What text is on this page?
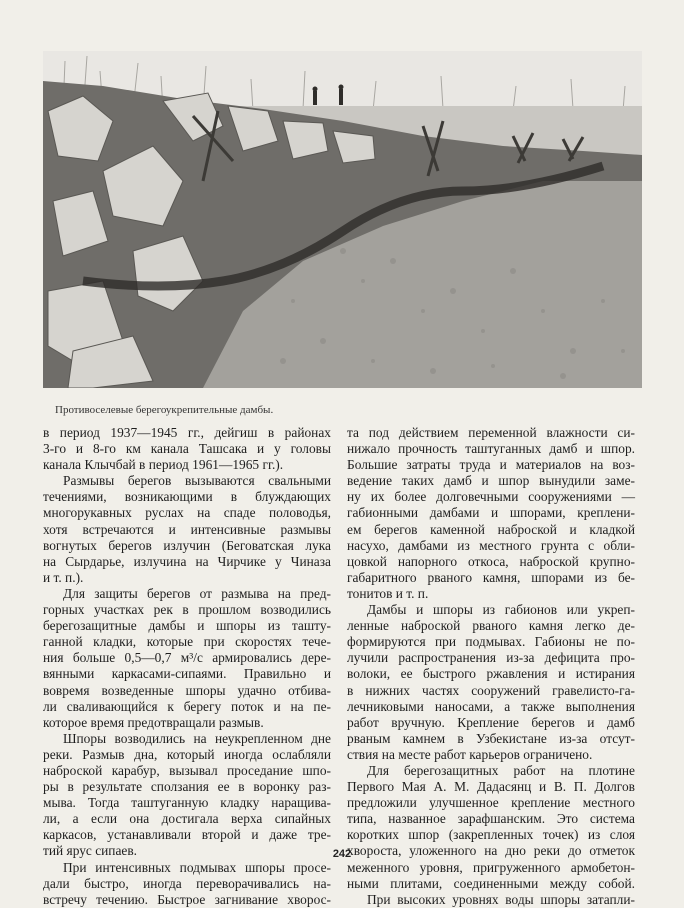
Противоселевые берегоукрепительные дамбы.

в период 1937—1945 гг., дейгиш в районах

3-го и 8-го км канала Ташсака и у головы

канала Клычбай в период 1961—1965 гг.).

Размывы берегов вызываются свальными

течениями, возникающими в блуждающих

многорукавных руслах на спаде половодья,

хотя встречаются и интенсивные размывы

вогнутых берегов излучин (Беговатская лука

на Сырдарье, излучина на Чирчике у Чиназа

и т. п.).

Для защиты берегов от размыва на пред-

горных участках рек в прошлом возводились

берегозащитные дамбы и шпоры из ташту-

ганной кладки, которые при скоростях тече-

ния больше 0,5—0,7 м³/с армировались дере-

вянными каркасами-сипаями. Правильно и

вовремя возведенные шпоры удачно отбива-

ли сваливающийся к берегу поток и на пе-

которое время предотвращали размыв.

Шпоры возводились на неукрепленном дне

реки. Размыв дна, который иногда ослабляли

наброской карабур, вызывал проседание шпо-

ры в результате сползания ее в воронку раз-

мыва. Тогда таштуганную кладку наращива-

ли, а если она достигала верха сипайных

каркасов, устанавливали второй и даже тре-

тий ярус сипаев.

При интенсивных подмывах шпоры просе-

дали быстро, иногда переворачивались на-

встречу течению. Быстрое загнивание хворос-

та под действием переменной влажности си-

нижало прочность таштуганных дамб и шпор.

Большие затраты труда и материалов на воз-

ведение таких дамб и шпор вынудили заме-

ну их более долговечными сооружениями —

габионными дамбами и шпорами, креплени-

ем берегов каменной наброской и кладкой

насухо, дамбами из местного грунта с обли-

цовкой напорного откоса, наброской крупно-

габаритного рваного камня, шпорами из бе-

тонитов и т. п.

Дамбы и шпоры из габионов или укреп-

ленные наброской рваного камня легко де-

формируются при подмывах. Габионы не по-

лучили распространения из-за дефицита про-

волоки, ее быстрого ржавления и истирания

в нижних частях сооружений гравелисто-га-

лечниковыми наносами, а также выполнения

работ вручную. Крепление берегов и дамб

рваным камнем в Узбекистане из-за отсут-

ствия на месте работ карьеров ограничено.

Для берегозащитных работ на плотине

Первого Мая А. М. Дадасянц и В. П. Долгов

предложили улучшенное крепление местного

типа, названное зарафшанским. Это система

коротких шпор (закрепленных точек) из слоя

хворостa, уложенного на дно реки до отметок

меженного уровня, пригруженного армобетон-

ными плитами, соединенными между собой.

При высоких уровнях воды шпоры затапли-

242
